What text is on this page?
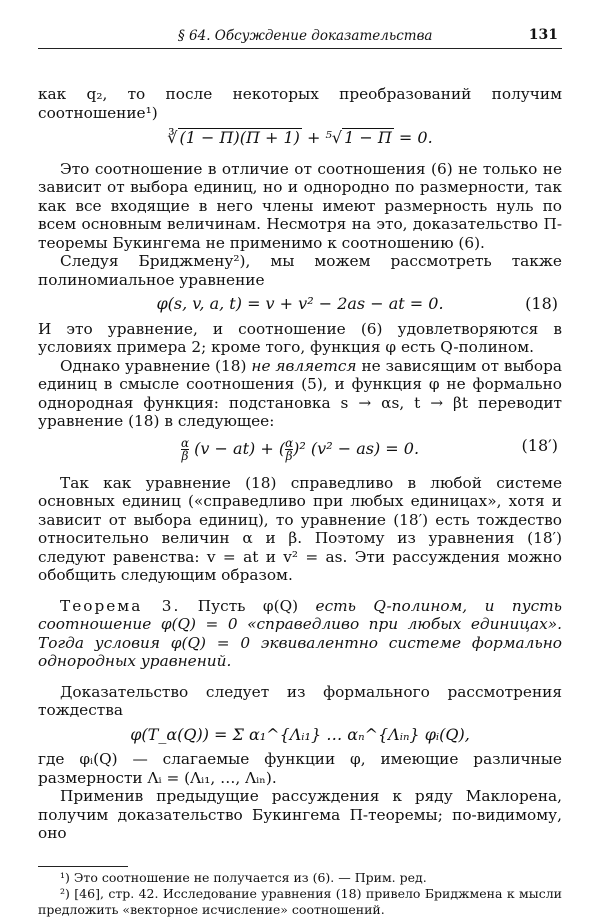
§ 64. Обсуждение доказательства	131

как q₂, то после некоторых преобразований получим соотношение¹)

∛ (1 − Π)(Π + 1) + ⁵√ 1 − Π = 0.

Это соотношение в отличие от соотношения (6) не только не зависит от выбора единиц, но и однородно по размерности, так как все входящие в него члены имеют размерность нуль по всем основным величинам. Несмотря на это, доказательство П-теоремы Букингема не применимо к соотношению (6).

Следуя Бриджмену²), мы можем рассмотреть также полиномиальное уравнение

φ(s, v, a, t) = v + v² − 2as − at = 0.	(18)

И это уравнение, и соотношение (6) удовлетворяются в условиях примера 2; кроме того, функция φ есть Q-полином.

Однако уравнение (18) не является не зависящим от выбора единиц в смысле соотношения (5), и функция φ не формально однородная функция: подстановка s → αs, t → βt переводит уравнение (18) в следующее:

$\frac{\alpha}{\beta} (v - at)$ + ( $\frac{\alpha}{\beta} )^2$ (v² − as) = 0.	(18′)

Так как уравнение (18) справедливо в любой системе основных единиц («справедливо при любых единицах», хотя и зависит от выбора единиц), то уравнение (18′) есть тождество относительно величин α и β. Поэтому из уравнения (18′) следуют равенства: v = at и v² = as. Эти рассуждения можно обобщить следующим образом.

Теорема 3. Пусть φ(Q) есть Q-полином, и пусть соотношение φ(Q) = 0 «справедливо при любых единицах». Тогда условия φ(Q) = 0 эквивалентно системе формально однородных уравнений.

Доказательство следует из формального рассмотрения тождества

φ(T_α(Q)) = Σ α₁^{Λᵢ₁} … αₙ^{Λᵢₙ} φᵢ(Q),

где φᵢ(Q) — слагаемые функции φ, имеющие различные размерности Λᵢ = (Λᵢ₁, …, Λᵢₙ).

Применив предыдущие рассуждения к ряду Маклорена, получим доказательство Букингема П-теоремы; по-видимому, оно

¹) Это соотношение не получается из (6). — Прим. ред.

²) [46], стр. 42. Исследование уравнения (18) привело Бриджмена к мысли предложить «векторное исчисление» соотношений.
